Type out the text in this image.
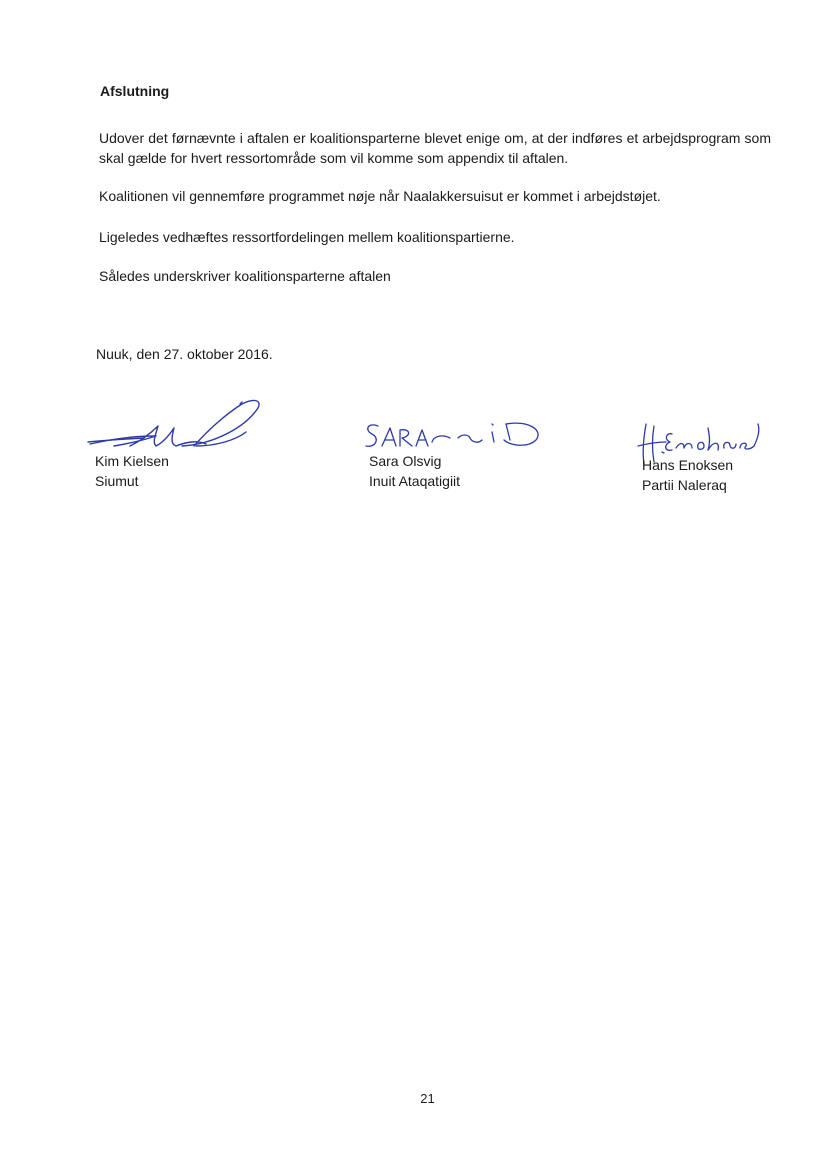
Afslutning

Udover det førnævnte i aftalen er koalitionsparterne blevet enige om, at der indføres et arbejdsprogram som skal gælde for hvert ressortområde som vil komme som appendix til aftalen.

Koalitionen vil gennemføre programmet nøje når Naalakkersuisut er kommet i arbejdstøjet.

Ligeledes vedhæftes ressortfordelingen mellem koalitionspartierne.

Således underskriver koalitionsparterne aftalen

Nuuk, den 27. oktober 2016.
Kim Kielsen
Siumut
Sara Olsvig
Inuit Ataqatigiit
Hans Enoksen
Partii Naleraq
21
